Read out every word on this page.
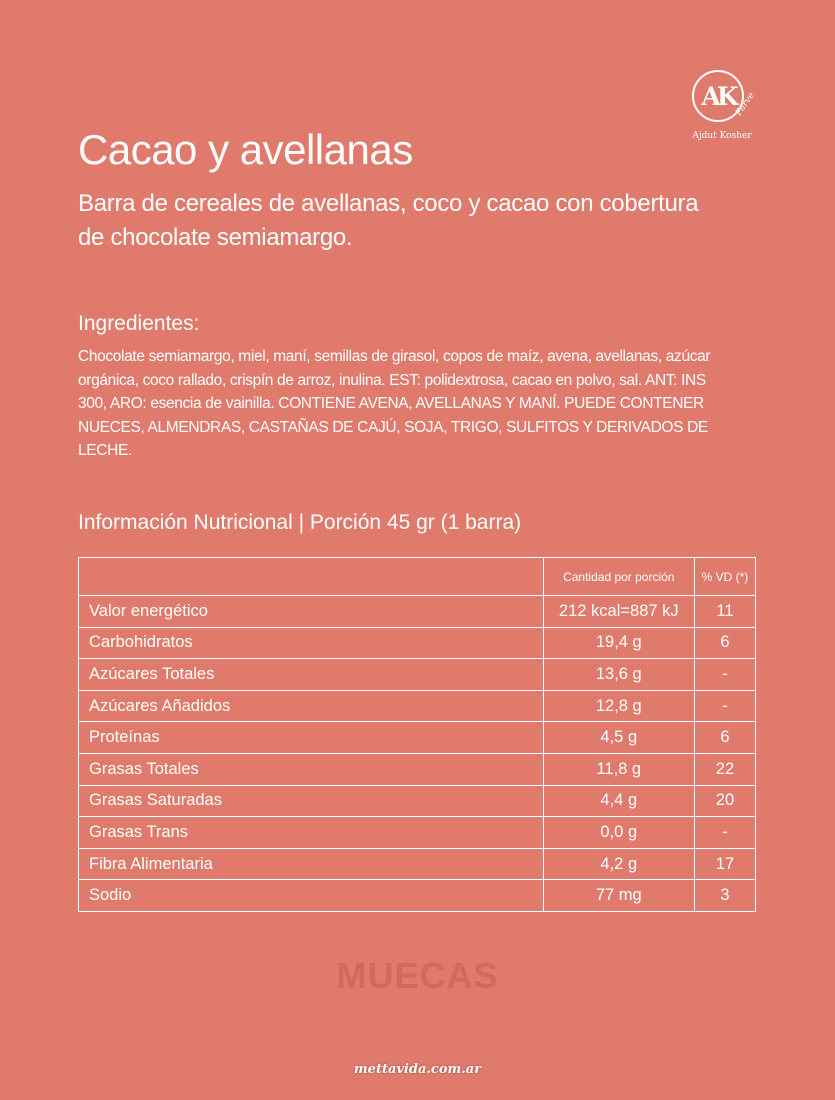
AK Parve
Ajdut Kosher
Cacao y avellanas

Barra de cereales de avellanas, coco y cacao con cobertura de chocolate semiamargo.

Ingredientes:

Chocolate semiamargo, miel, maní, semillas de girasol, copos de maíz, avena, avellanas, azúcar orgánica, coco rallado, crispín de arroz, inulina. EST: polidextrosa, cacao en polvo, sal. ANT: INS 300, ARO: esencia de vainilla. CONTIENE AVENA, AVELLANAS Y MANÍ. PUEDE CONTENER NUECES, ALMENDRAS, CASTAÑAS DE CAJÚ, SOJA, TRIGO, SULFITOS Y DERIVADOS DE LECHE.

Información Nutricional | Porción 45 gr (1 barra)
	Cantidad por porción	% VD (*)
Valor energético	212 kcal=887 kJ	11
Carbohidratos	19,4 g	6
Azúcares Totales	13,6 g	-
Azúcares Añadidos	12,8 g	-
Proteínas	4,5 g	6
Grasas Totales	11,8 g	22
Grasas Saturadas	4,4 g	20
Grasas Trans	0,0 g	-
Fibra Alimentaria	4,2 g	17
Sodio	77 mg	3
MUECAS
mettavida.com.ar
